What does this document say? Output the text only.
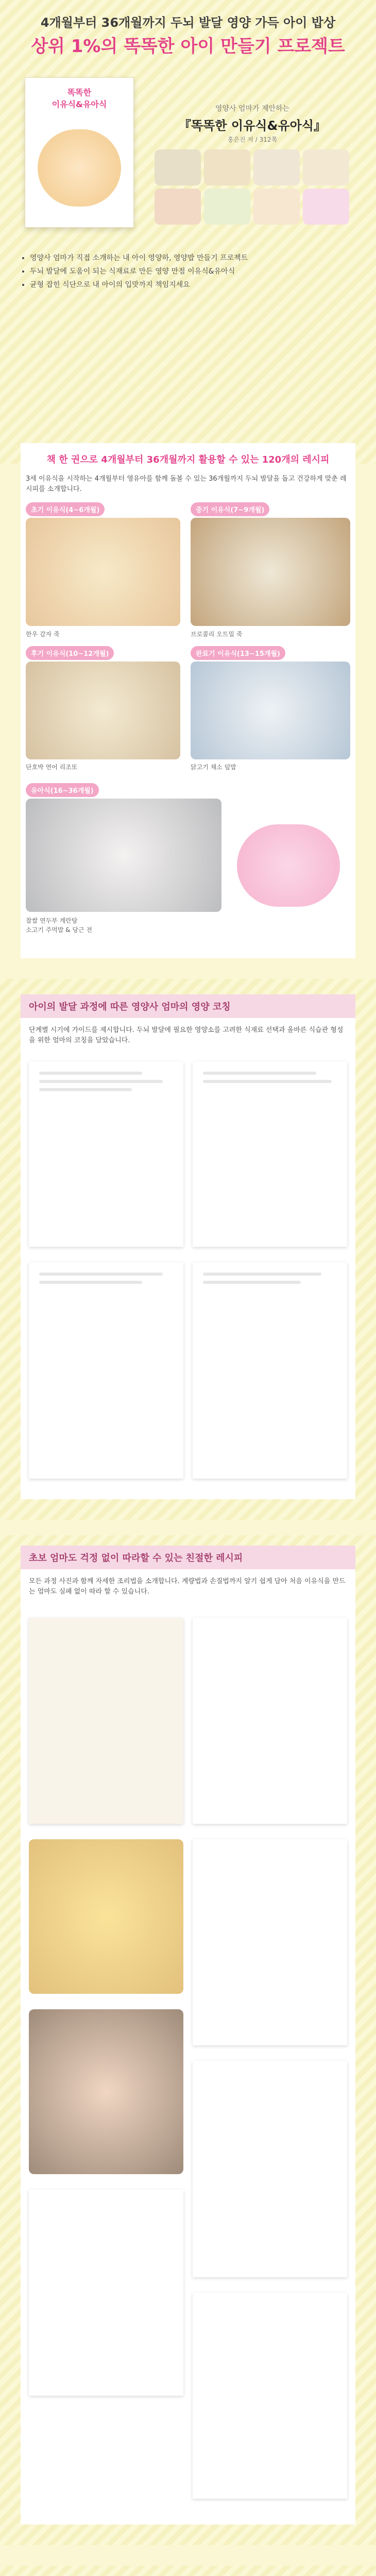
4개월부터 36개월까지 두뇌 발달 영양 가득 아이 밥상
상위 1%의 똑똑한 아이 만들기 프로젝트
똑똑한
이유식&유아식	영양사 엄마가 제안하는
『똑똑한 이유식&유아식』
홍은진 저 / 312쪽
• 영양사 엄마가 직접 소개하는 내 아이 영양하, 영양밥 만들기 프로젝트
• 두뇌 발달에 도움이 되는 식재료로 만든 영양 만점 이유식&유아식
• 균형 잡힌 식단으로 내 아이의 입맛까지 책임지세요
책 한 권으로 4개월부터 36개월까지 활용할 수 있는 120개의 레시피
3세 이유식을 시작하는 4개월부터 영유아를 함께 돌볼 수 있는 36개월까지 두뇌 발달을 돕고 건강하게 맞춘 레시피를 소개합니다.
초기 이유식(4~6개월)	중기 이유식(7~9개월)
한우 감자 죽	브로콜리 오트밀 죽
후기 이유식(10~12개월)	완료기 이유식(13~15개월)
단호박 연어 리조또	닭고기 채소 덮밥
유아식(16~36개월)
찹쌀 연두부 계란탕
소고기 주먹밥 & 당근 전
아이의 발달 과정에 따른 영양사 엄마의 영양 코칭
단계별 시기에 가이드를 제시합니다. 두뇌 발달에 필요한 영양소를 고려한 식재료 선택과 올바른 식습관 형성을 위한 엄마의 코칭을 담았습니다.
초보 엄마도 걱정 없이 따라할 수 있는 친절한 레시피
모든 과정 사진과 함께 자세한 조리법을 소개합니다. 계량법과 손질법까지 알기 쉽게 담아 처음 이유식을 만드는 엄마도 실패 없이 따라 할 수 있습니다.
